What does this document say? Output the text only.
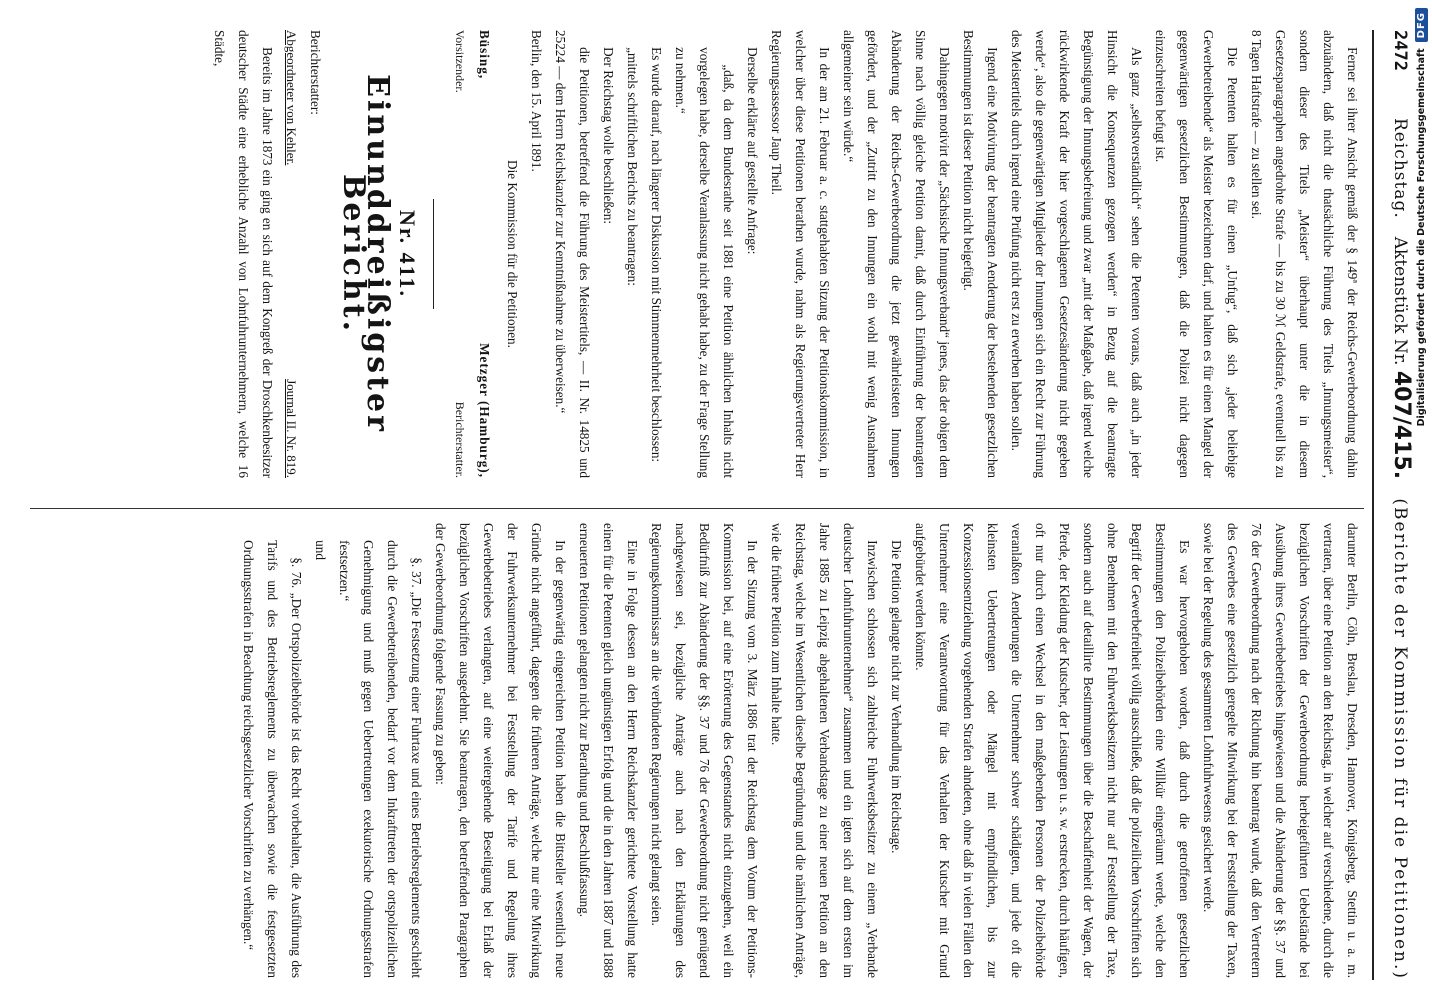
2472
Reichstag.
Aktenstück Nr. 407/415.
(Berichte der Kommission für die Petitionen.)

Ferner sei ihrer Ansicht gemäß der § 149ª der Reichs-Gewerbeordnung dahin abzuändern, daß nicht die thatsächliche Führung des Titels „Innungsmeister“, sondern dieser des Titels „Meister“ überhaupt unter die in diesem Gesetzesparagraphen angedrohte Strafe — bis zu 30 ℳ Geldstrafe, eventuell bis zu 8 Tagen Haftstrafe — zu stellen sei.

Die Petenten halten es für einen „Unfug“, daß sich „jeder beliebige Gewerbetreibende“ als Meister bezeichnen darf, und halten es für einen Mangel der gegenwärtigen gesetzlichen Bestimmungen, daß die Polizei nicht dagegen einzuschreiten befugt ist.

Als ganz „selbstverständlich“ sehen die Petenten voraus, daß auch „in jeder Hinsicht die Konsequenzen gezogen werden“ in Bezug auf die beantragte Begünstigung der Innungsbefreiung und zwar „mit der Maßgabe, daß irgend welche rückwirkende Kraft der hier vorgeschlagenen Gesetzesänderung nicht gegeben werde“, also die gegenwärtigen Mitglieder der Innungen sich ein Recht zur Führung des Meistertitels durch irgend eine Prüfung nicht erst zu erwerben haben sollen.

Irgend eine Motivirung der beantragten Aenderung der bestehenden gesetzlichen Bestimmungen ist dieser Petition nicht beigefügt.

Dahingegen motivirt der „Sächsische Innungsverband“ jenes, das der obigen dem Sinne nach völlig gleiche Petition damit, daß durch Einführung der beantragten Abänderung der Reichs-Gewerbeordnung die jetzt gewährleisteten Innungen gefördert, und der „Zutritt zu den Innungen ein wohl mit wenig Ausnahmen allgemeiner sein würde.“

In der am 21. Februar a. c. stattgehabten Sitzung der Petitionskommission, in welcher über diese Petitionen berathen wurde, nahm als Regierungsvertreter Herr Regierungsassessor Jaup Theil.

Derselbe erklärte auf gestellte Anfrage:

„daß, da dem Bundesrathe seit 1881 eine Petition ähnlichen Inhalts nicht vorgelegen habe, derselbe Veranlassung nicht gehabt habe, zu der Frage Stellung zu nehmen.“

Es wurde darauf, nach längerer Diskussion mit Stimmenmehrheit beschlossen:

„mittels schriftlichen Berichts zu beantragen:

Der Reichstag wolle beschließen:

die Petitionen, betreffend die Führung des Meistertitels, — II. Nr. 14825 und 25224 — dem Herrn Reichskanzler zur Kenntnißnahme zu überweisen.“

Berlin, den 15. April 1891.

Die Kommission für die Petitionen.

Büsing,
Vorsitzender.
Metzger (Hamburg),
Berichterstatter.
Nr. 411.
Einunddreißigster Bericht.

Berichterstatter:

Abgeordneter von Kehler.
Journal II. Nr. 819.

Bereits im Jahre 1873 ein ging en sich auf dem Kongreß der Droschkenbesitzer deutscher Städte eine erhebliche Anzahl von Lohnfuhrunternehmern, welche 16 Städte,

darunter Berlin, Cöln, Breslau, Dresden, Hannover, Königsberg, Stettin u. a. m. vertraten, über eine Petition an den Reichstag, in welcher auf verschiedene, durch die bezüglichen Vorschriften der Gewerbeordnung herbeigeführten Uebelstände bei Ausübung ihres Gewerbebetriebes hingewiesen und die Abänderung der §§. 37 und 76 der Gewerbeordnung nach der Richtung hin beantragt wurde, daß den Vertretern des Gewerbes eine gesetzlich geregelte Mitwirkung bei der Feststellung der Taxen, sowie bei der Regelung des gesammten Lohnfuhrwesens gesichert werde.

Es war hervorgehoben worden, daß durch die getroffenen gesetzlichen Bestimmungen den Polizeibehörden eine Willkür eingeräumt werde, welche den Begriff der Gewerbefreiheit völlig ausschließe, daß die polizeilichen Vorschriften sich ohne Benehmen mit den Fuhrwerksbesitzern nicht nur auf Feststellung der Taxe, sondern auch auf detaillirte Bestimmungen über die Beschaffenheit der Wagen, der Pferde, der Kleidung der Kutscher, der Leistungen u. s. w. erstrecken, durch häufigen, oft nur durch einen Wechsel in den maßgebenden Personen der Polizeibehörde veranlaßten Aenderungen die Unternehmer schwer schädigten, und jede oft die kleinsten Uebertretungen oder Mängel mit empfindlichen, bis zur Konzessionsentziehung vorgehenden Strafen ahndeten, ohne daß in vielen Fällen den Unternehmer eine Verantwortung für das Verhalten der Kutscher mit Grund aufgebürdet werden könnte.

Die Petition gelangte nicht zur Verhandlung im Reichstage.

Inzwischen schlossen sich zahlreiche Fuhrwerksbesitzer zu einem „Verbande deutscher Lohnfuhrunternehmer“ zusammen und ein igten sich auf dem ersten im Jahre 1885 zu Leipzig abgehaltenen Verbandstage zu einer neuen Petition an den Reichstag, welche im Wesentlichen dieselbe Begründung und die nämlichen Anträge, wie die frühere Petition zum Inhalte hatte.

In der Sitzung vom 3. März 1886 trat der Reichstag dem Votum der Petitions-Kommission bei, auf eine Erörterung des Gegenstandes nicht einzugehen, weil ein Bedürfniß zur Abänderung der §§. 37 und 76 der Gewerbeordnung nicht genügend nachgewiesen sei, bezügliche Anträge auch nach den Erklärungen des Regierungskommissars an die verbündeten Regierungen nicht gelangt seien.

Eine in Folge dessen an den Herrn Reichskanzler gerichtete Vorstellung hatte einen für die Petenten gleich ungünstigen Erfolg und die in den Jahren 1887 und 1888 erneuerten Petitionen gelangten nicht zur Berathung und Beschlußfassung.

In der gegenwärtig eingereichten Petition haben die Bittsteller wesentlich neue Gründe nicht angeführt, dagegen die früheren Anträge, welche nur eine Mitwirkung der Fuhrwerksunternehmer bei Feststellung der Tarife und Regelung ihres Gewerbebetriebes verlangten, auf eine weitergehende Beseitigung bei Erlaß der bezüglichen Vorschriften ausgedehnt. Sie beantragen, den betreffenden Paragraphen der Gewerbeordnung folgende Fassung zu geben:

§. 37. „Die Festsetzung einer Fuhrtaxe und eines Betriebsreglements geschieht durch die Gewerbetreibenden, bedarf vor dem Inkrafttreten der ortspolizeilichen Genehmigung und muß gegen Uebertretungen exekutorische Ordnungsstrafen festsetzen.“

und

§. 76. „Der Ortspolizeibehörde ist das Recht vorbehalten, die Ausführung des Tarifs und des Betriebsreglements zu überwachen sowie die festgesetzten Ordnungsstrafen in Beachtung reichsgesetzlicher Vorschriften zu verhängen.“

Digitalisierung gefördert durch die Deutsche Forschungsgemeinschaft
DFG
